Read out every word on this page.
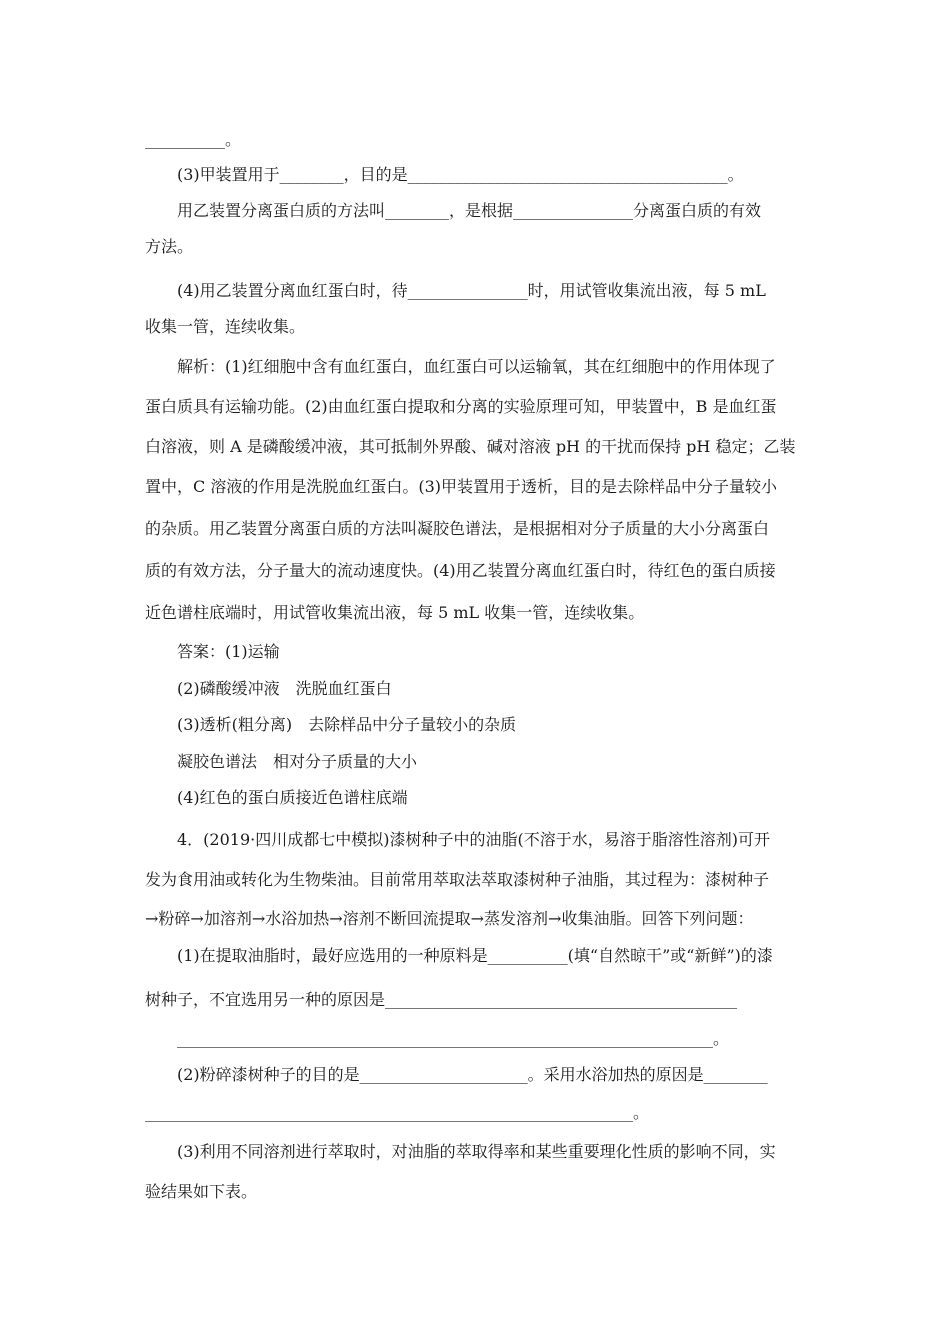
__________。
(3)甲装置用于________，目的是________________________________________。
用乙装置分离蛋白质的方法叫________，是根据_______________分离蛋白质的有效
方法。
(4)用乙装置分离血红蛋白时，待_______________时，用试管收集流出液，每 5 mL
收集一管，连续收集。
解析：(1)红细胞中含有血红蛋白，血红蛋白可以运输氧，其在红细胞中的作用体现了
蛋白质具有运输功能。(2)由血红蛋白提取和分离的实验原理可知，甲装置中，B 是血红蛋
白溶液，则 A 是磷酸缓冲液，其可抵制外界酸、碱对溶液 pH 的干扰而保持 pH 稳定；乙装
置中，C 溶液的作用是洗脱血红蛋白。(3)甲装置用于透析，目的是去除样品中分子量较小
的杂质。用乙装置分离蛋白质的方法叫凝胶色谱法，是根据相对分子质量的大小分离蛋白
质的有效方法，分子量大的流动速度快。(4)用乙装置分离血红蛋白时，待红色的蛋白质接
近色谱柱底端时，用试管收集流出液，每 5 mL 收集一管，连续收集。
答案：(1)运输
(2)磷酸缓冲液　洗脱血红蛋白
(3)透析(粗分离)　去除样品中分子量较小的杂质
凝胶色谱法　相对分子质量的大小
(4)红色的蛋白质接近色谱柱底端
4．(2019·四川成都七中模拟)漆树种子中的油脂(不溶于水，易溶于脂溶性溶剂)可开
发为食用油或转化为生物柴油。目前常用萃取法萃取漆树种子油脂，其过程为：漆树种子
→粉碎→加溶剂→水浴加热→溶剂不断回流提取→蒸发溶剂→收集油脂。回答下列问题：
(1)在提取油脂时，最好应选用的一种原料是__________(填“自然晾干”或“新鲜”)的漆
树种子，不宜选用另一种的原因是____________________________________________
___________________________________________________________________。
(2)粉碎漆树种子的目的是_____________________。采用水浴加热的原因是________
_____________________________________________________________。
(3)利用不同溶剂进行萃取时，对油脂的萃取得率和某些重要理化性质的影响不同，实
验结果如下表。
